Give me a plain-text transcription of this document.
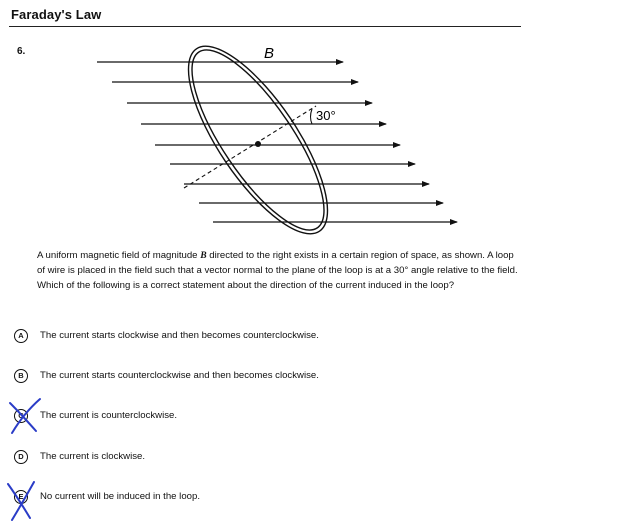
Faraday's Law
6.	B
30°

A uniform magnetic field of magnitude B directed to the right exists in a certain region of space, as shown. A loop of wire is placed in the field such that a vector normal to the plane of the loop is at a 30° angle relative to the field. Which of the following is a correct statement about the direction of the current induced in the loop?

A	The current starts clockwise and then becomes counterclockwise.
B	The current starts counterclockwise and then becomes clockwise.
C	The current is counterclockwise.
D	The current is clockwise.
E	No current will be induced in the loop.
